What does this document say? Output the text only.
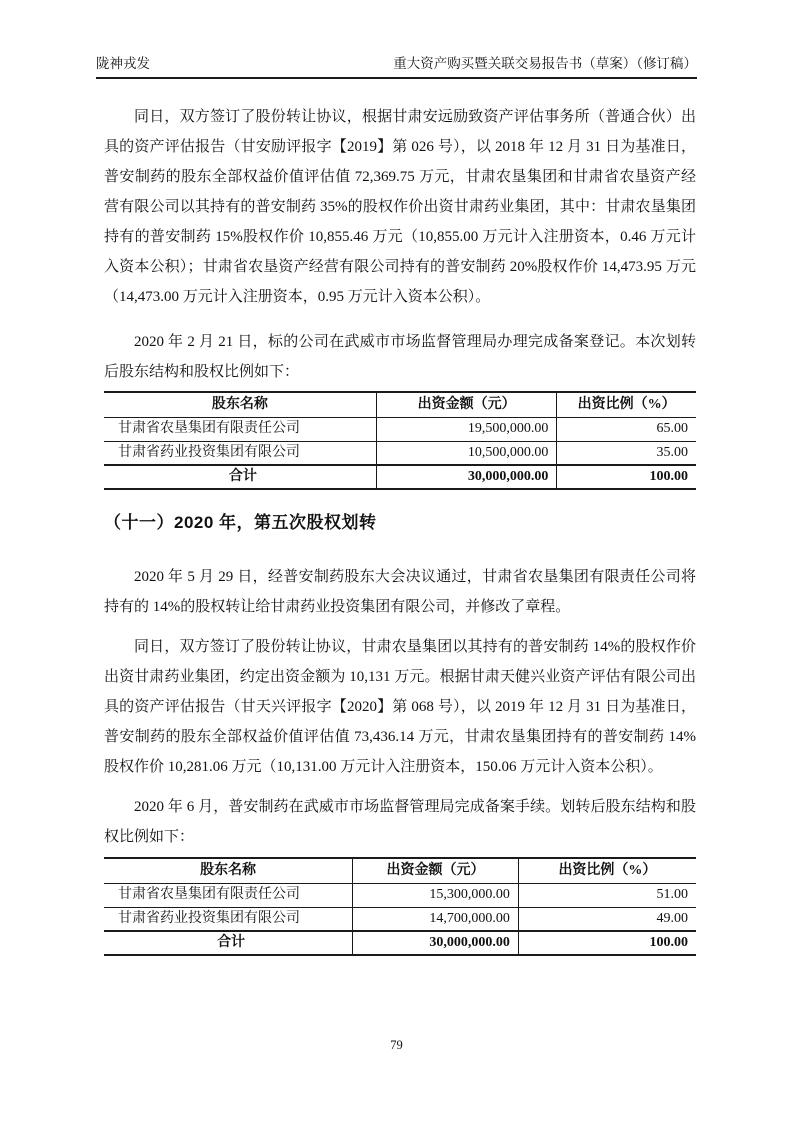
陇神戎发	重大资产购买暨关联交易报告书（草案）（修订稿）

同日，双方签订了股份转让协议，根据甘肃安远励致资产评估事务所（普通合伙）出具的资产评估报告（甘安励评报字【2019】第 026 号），以 2018 年 12 月 31 日为基准日，普安制药的股东全部权益价值评估值 72,369.75 万元，甘肃农垦集团和甘肃省农垦资产经营有限公司以其持有的普安制药 35%的股权作价出资甘肃药业集团，其中：甘肃农垦集团持有的普安制药 15%股权作价 10,855.46 万元（10,855.00 万元计入注册资本，0.46 万元计入资本公积）；甘肃省农垦资产经营有限公司持有的普安制药 20%股权作价 14,473.95 万元（14,473.00 万元计入注册资本，0.95 万元计入资本公积）。

2020 年 2 月 21 日，标的公司在武威市市场监督管理局办理完成备案登记。本次划转后股东结构和股权比例如下：

股东名称	出资金额（元）	出资比例（%）
甘肃省农垦集团有限责任公司	19,500,000.00	65.00
甘肃省药业投资集团有限公司	10,500,000.00	35.00
合计	30,000,000.00	100.00
（十一）2020 年，第五次股权划转

2020 年 5 月 29 日，经普安制药股东大会决议通过，甘肃省农垦集团有限责任公司将持有的 14%的股权转让给甘肃药业投资集团有限公司，并修改了章程。

同日，双方签订了股份转让协议，甘肃农垦集团以其持有的普安制药 14%的股权作价出资甘肃药业集团，约定出资金额为 10,131 万元。根据甘肃天健兴业资产评估有限公司出具的资产评估报告（甘天兴评报字【2020】第 068 号），以 2019 年 12 月 31 日为基准日，普安制药的股东全部权益价值评估值 73,436.14 万元，甘肃农垦集团持有的普安制药 14%股权作价 10,281.06 万元（10,131.00 万元计入注册资本，150.06 万元计入资本公积）。

2020 年 6 月，普安制药在武威市市场监督管理局完成备案手续。划转后股东结构和股权比例如下：

股东名称	出资金额（元）	出资比例（%）
甘肃省农垦集团有限责任公司	15,300,000.00	51.00
甘肃省药业投资集团有限公司	14,700,000.00	49.00
合计	30,000,000.00	100.00
79
